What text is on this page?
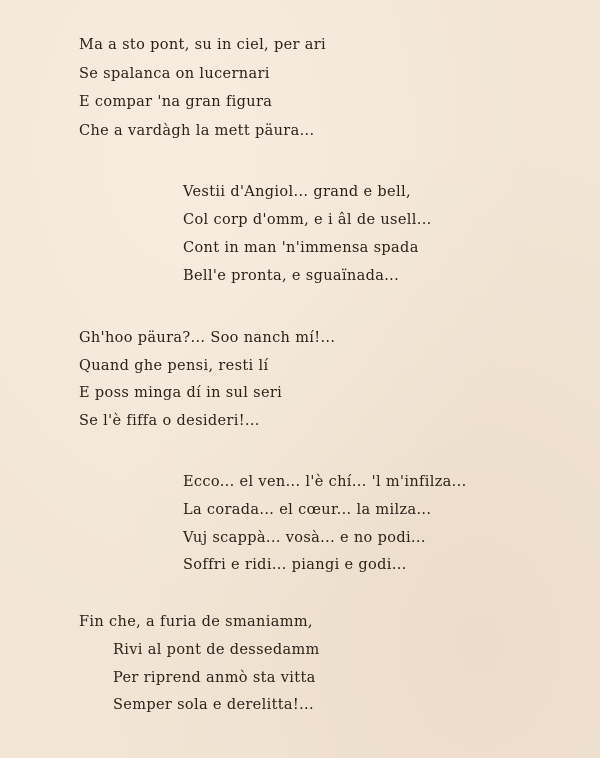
Ma a sto pont, su in ciel, per ari
Se spalanca on lucernari
E compar 'na gran figura
Che a vardàgh la mett päura...
Vestii d'Angiol... grand e bell,
Col corp d'omm, e i âl de usell...
Cont in man 'n'immensa spada
Bell'e pronta, e sguaïnada...
Gh'hoo päura?... Soo nanch mí!...
Quand ghe pensi, resti lí
E poss minga dí in sul seri
Se l'è fiffa o desideri!...
Ecco... el ven... l'è chí... 'l m'infilza...
La corada... el cœur... la milza...
Vuj scappà... vosà... e no podi...
Soffri e ridi... piangi e godi...
Fin che, a furia de smaniamm,
Rivi al pont de dessedamm
Per riprend anmò sta vitta
Semper sola e derelitta!...
